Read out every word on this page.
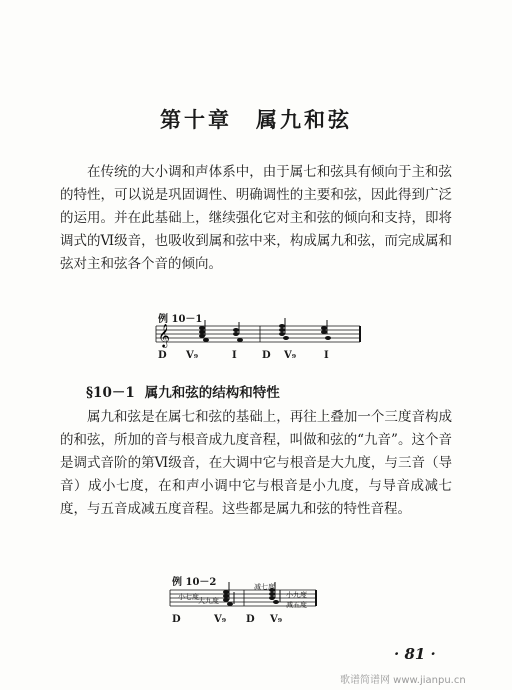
第十章　属九和弦

在传统的大小调和声体系中，由于属七和弦具有倾向于主和弦的特性，可以说是巩固调性、明确调性的主要和弦，因此得到广泛的运用。并在此基础上，继续强化它对主和弦的倾向和支持，即将调式的Ⅵ级音，也吸收到属和弦中来，构成属九和弦，而完成属和弦对主和弦各个音的倾向。

例 10－1
𝄞
D V₉	I	D V₉	I
§10－1 属九和弦的结构和特性

属九和弦是在属七和弦的基础上，再往上叠加一个三度音构成的和弦，所加的音与根音成九度音程，叫做和弦的“九音”。这个音是调式音阶的第Ⅵ级音，在大调中它与根音是大九度，与三音（导音）成小七度，在和声小调中它与根音是小九度，与导音成减七度，与五音成减五度音程。这些都是属九和弦的特性音程。

例 10－2
小七度 大九度
减七度
小九度
减五度
D	V₉ D V₉
· 81 ·
歌谱简谱网 www.jianpu.cn
